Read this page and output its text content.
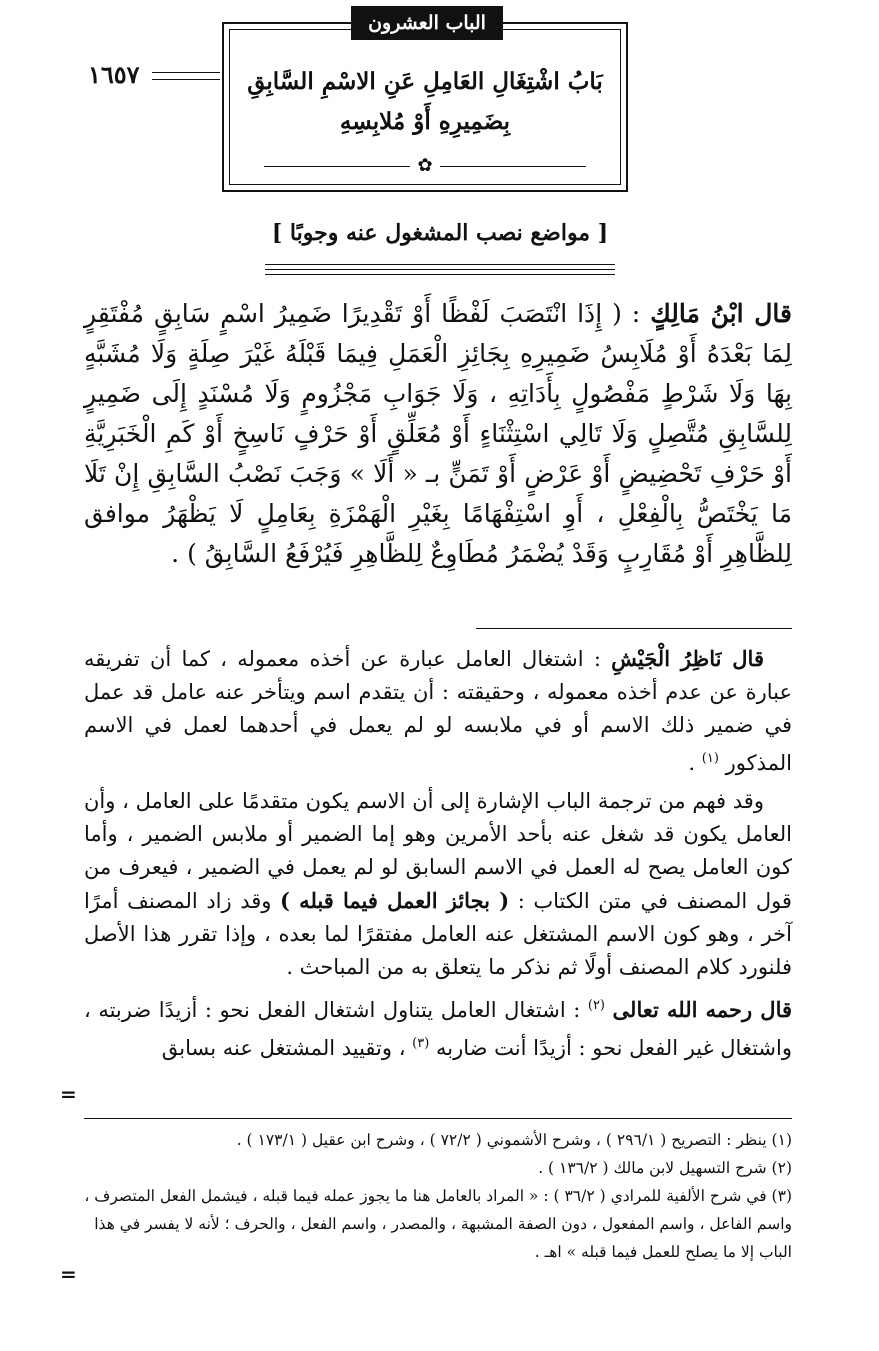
بَابُ اشْتِغَالِ العَامِلِ عَنِ الاسْمِ السَّابِقِ
بِضَمِيرِهِ أَوْ مُلابِسِهِ
✿
الباب العشرون
١٦٥٧
[ مواضع نصب المشغول عنه وجوبًا ]
قال ابْنُ مَالِكٍ : ( إِذَا انْتَصَبَ لَفْظًا أَوْ تَقْدِيرًا ضَمِيرُ اسْمٍ سَابِقٍ مُفْتَقِرٍ لِمَا بَعْدَهُ أَوْ مُلَابِسُ ضَمِيرِهِ بِجَائِزِ الْعَمَلِ فِيمَا قَبْلَهُ غَيْرَ صِلَةٍ وَلَا مُشَبَّهٍ بِهَا وَلَا شَرْطٍ مَفْصُولٍ بِأَدَاتِهِ ، وَلَا جَوَابِ مَجْزُومٍ وَلَا مُسْنَدٍ إِلَى ضَمِيرٍ لِلسَّابِقِ مُتَّصِلٍ وَلَا تَالِي اسْتِثْنَاءٍ أَوْ مُعَلِّقٍ أَوْ حَرْفٍ نَاسِخٍ أَوْ كَمِ الْخَبَرِيَّةِ أَوْ حَرْفِ تَحْضِيضٍ أَوْ عَرْضٍ أَوْ تَمَنٍّ بـ « أَلَا » وَجَبَ نَصْبُ السَّابِقِ إِنْ تَلَا مَا يَخْتَصُّ بِالْفِعْلِ ، أَوِ اسْتِفْهَامًا بِغَيْرِ الْهَمْزَةِ بِعَامِلٍ لَا يَظْهَرُ موافق لِلظَّاهِرِ أَوْ مُقَارِبٍ وَقَدْ يُضْمَرُ مُطَاوِعٌ لِلظَّاهِرِ فَيُرْفَعُ السَّابِقُ ) .

قال نَاظِرُ الْجَيْشِ : اشتغال العامل عبارة عن أخذه معموله ، كما أن تفريقه عبارة عن عدم أخذه معموله ، وحقيقته : أن يتقدم اسم ويتأخر عنه عامل قد عمل في ضمير ذلك الاسم أو في ملابسه لو لم يعمل في أحدهما لعمل في الاسم المذكور $^{(١)}$ .

وقد فهم من ترجمة الباب الإشارة إلى أن الاسم يكون متقدمًا على العامل ، وأن العامل يكون قد شغل عنه بأحد الأمرين وهو إما الضمير أو ملابس الضمير ، وأما كون العامل يصح له العمل في الاسم السابق لو لم يعمل في الضمير ، فيعرف من قول المصنف في متن الكتاب : ( بجائز العمل فيما قبله ) وقد زاد المصنف أمرًا آخر ، وهو كون الاسم المشتغل عنه العامل مفتقرًا لما بعده ، وإذا تقرر هذا الأصل فلنورد كلام المصنف أولًا ثم نذكر ما يتعلق به من المباحث .

قال رحمه الله تعالى $^{(٢)}$ : اشتغال العامل يتناول اشتغال الفعل نحو : أزيدًا ضربته ، واشتغال غير الفعل نحو : أزيدًا أنت ضاربه $^{(٣)}$ ، وتقييد المشتغل عنه بسابق

=

(١) ينظر : التصريح ( ٢٩٦/١ ) ، وشرح الأشموني ( ٧٢/٢ ) ، وشرح ابن عقيل ( ١٧٣/١ ) .

(٢) شرح التسهيل لابن مالك ( ١٣٦/٢ ) .

(٣) في شرح الألفية للمرادي ( ٣٦/٢ ) : « المراد بالعامل هنا ما يجوز عمله فيما قبله ، فيشمل الفعل المتصرف ، واسم الفاعل ، واسم المفعول ، دون الصفة المشبهة ، والمصدر ، واسم الفعل ، والحرف ؛ لأنه لا يفسر في هذا الباب إلا ما يصلح للعمل فيما قبله » اهـ .

=
